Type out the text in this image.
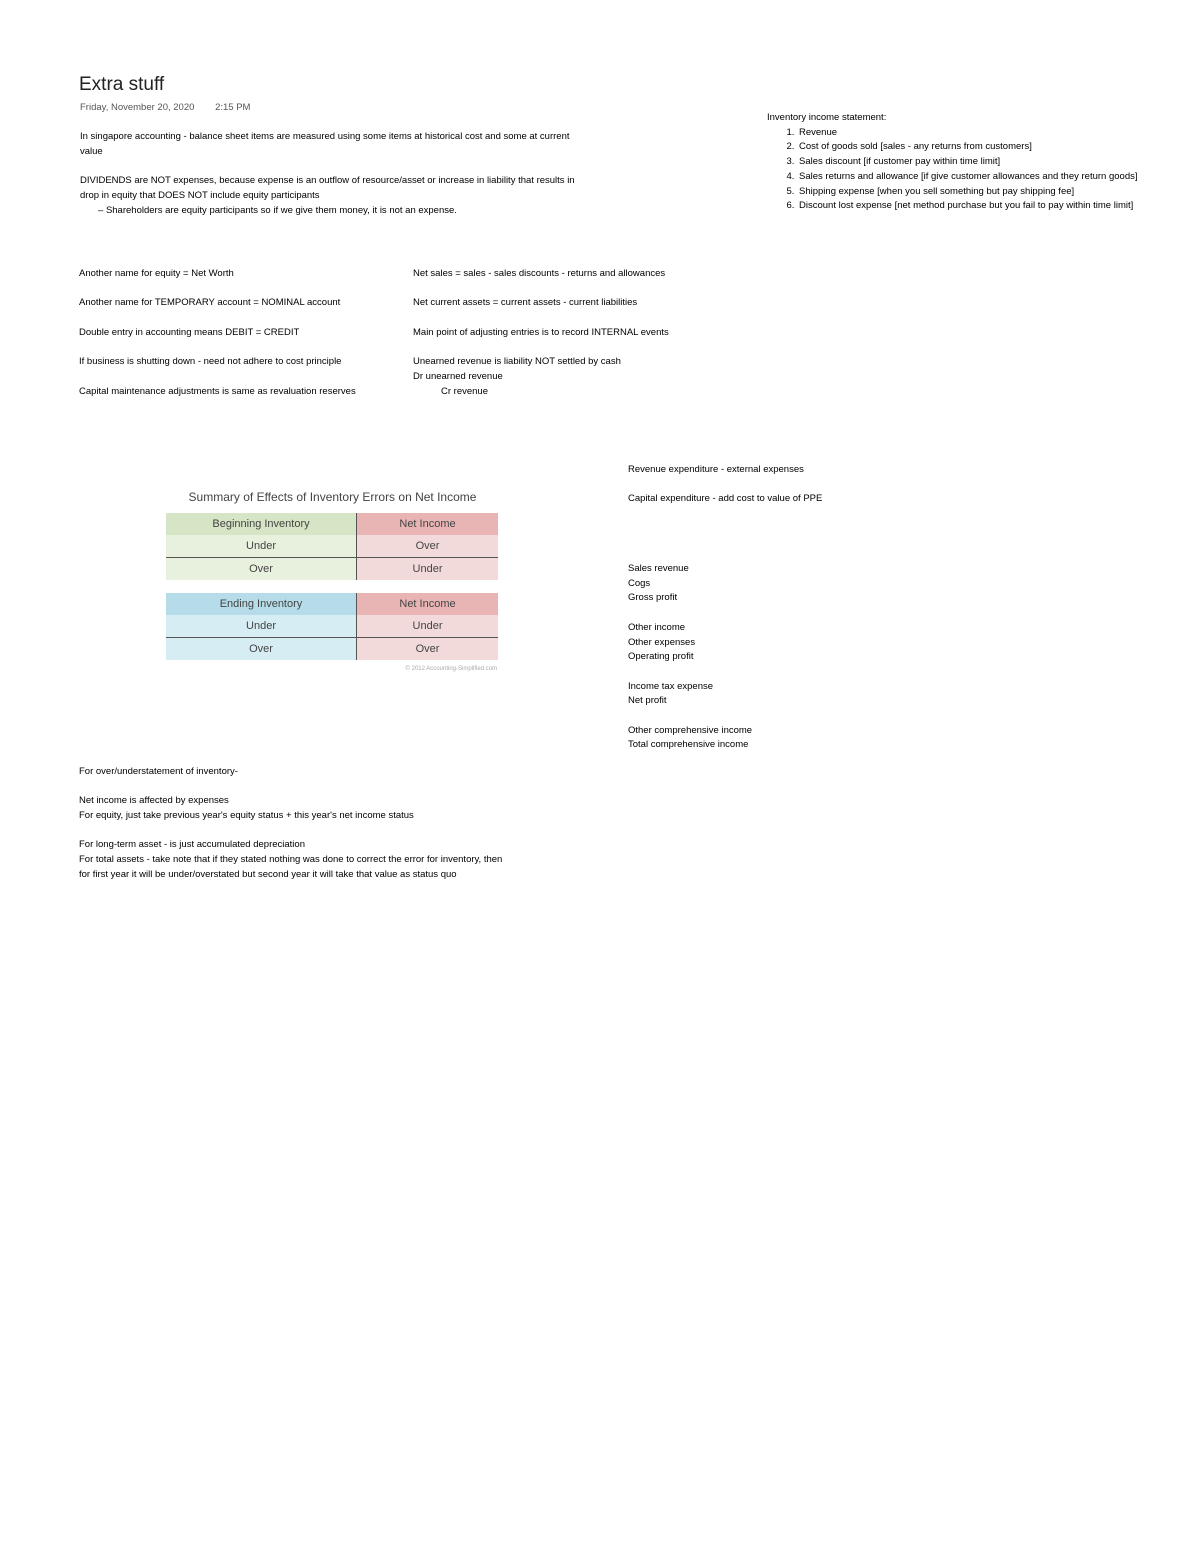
Extra stuff
Friday, November 20, 2020 2:15 PM

In singapore accounting - balance sheet items are measured using some items at historical cost and some at current

value

DIVIDENDS are NOT expenses, because expense is an outflow of resource/asset or increase in liability that results in

drop in equity that DOES NOT include equity participants

– Shareholders are equity participants so if we give them money, it is not an expense.

Inventory income statement:

1. Revenue
2. Cost of goods sold [sales - any returns from customers]
3. Sales discount [if customer pay within time limit]
4. Sales returns and allowance [if give customer allowances and they return goods]
5. Shipping expense [when you sell something but pay shipping fee]
6. Discount lost expense [net method purchase but you fail to pay within time limit]

Another name for equity = Net Worth

Another name for TEMPORARY account = NOMINAL account

Double entry in accounting means DEBIT = CREDIT

If business is shutting down - need not adhere to cost principle

Capital maintenance adjustments is same as revaluation reserves

Net sales = sales - sales discounts - returns and allowances

Net current assets = current assets - current liabilities

Main point of adjusting entries is to record INTERNAL events

Unearned revenue is liability NOT settled by cash

Dr unearned revenue

Cr revenue

Revenue expenditure - external expenses

Capital expenditure - add cost to value of PPE

Sales revenue

Cogs

Gross profit

Other income

Other expenses

Operating profit

Income tax expense

Net profit

Other comprehensive income

Total comprehensive income

Summary of Effects of Inventory Errors on Net Income
Beginning Inventory	Net Income
Under	Over
Over	Under
Ending Inventory	Net Income
Under	Under
Over	Over
© 2012 Accounting-Simplified.com

For over/understatement of inventory-

Net income is affected by expenses

For equity, just take previous year's equity status + this year's net income status

For long-term asset - is just accumulated depreciation

For total assets - take note that if they stated nothing was done to correct the error for inventory, then

for first year it will be under/overstated but second year it will take that value as status quo
